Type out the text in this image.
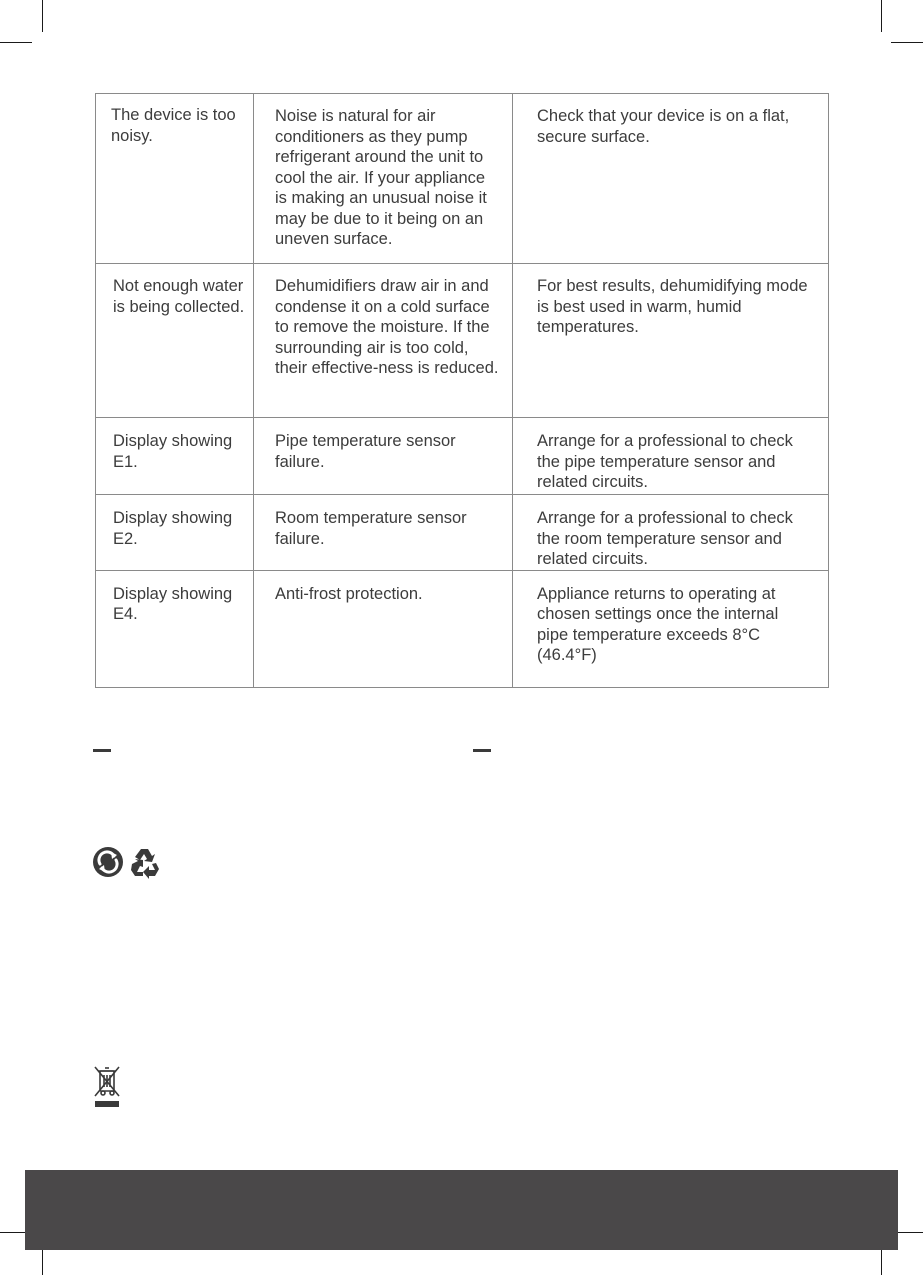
The device is too noisy.	Noise is natural for air conditioners as they pump refrigerant around the unit to cool the air. If your appliance is making an unusual noise it may be due to it being on an uneven surface.	Check that your device is on a flat, secure surface.
Not enough water is being collected.	Dehumidifiers draw air in and condense it on a cold surface to remove the moisture. If the surrounding air is too cold, their effective-ness is reduced.	For best results, dehumidifying mode is best used in warm, humid temperatures.
Display showing E1.	Pipe temperature sensor failure.	Arrange for a professional to check the pipe temperature sensor and related circuits.
Display showing E2.	Room temperature sensor failure.	Arrange for a professional to check the room temperature sensor and related circuits.
Display showing E4.	Anti-frost protection.	Appliance returns to operating at chosen settings once the internal pipe temperature exceeds 8°C (46.4°F)
